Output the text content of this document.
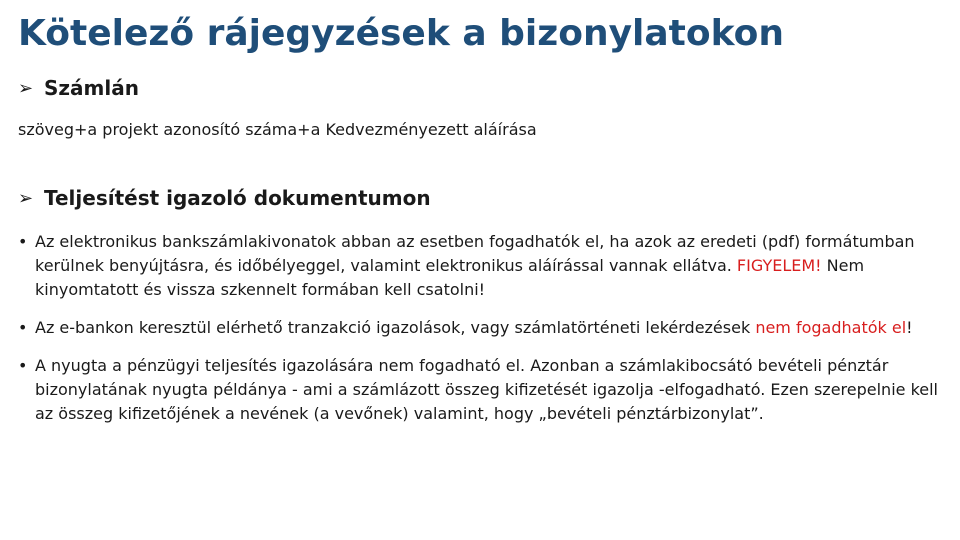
Kötelező rájegyzések a bizonylatokon
➢ Számlán
szöveg+a projekt azonosító száma+a Kedvezményezett aláírása
➢ Teljesítést igazoló dokumentumon
• Az elektronikus bankszámlakivonatok abban az esetben fogadhatók el, ha azok az eredeti (pdf) formátumban kerülnek benyújtásra, és időbélyeggel, valamint elektronikus aláírással vannak ellátva. FIGYELEM! Nem kinyomtatott és vissza szkennelt formában kell csatolni!
• Az e-bankon keresztül elérhető tranzakció igazolások, vagy számlatörténeti lekérdezések nem fogadhatók el!
• A nyugta a pénzügyi teljesítés igazolására nem fogadható el. Azonban a számlakibocsátó bevételi pénztár bizonylatának nyugta példánya - ami a számlázott összeg kifizetését igazolja -elfogadható. Ezen szerepelnie kell az összeg kifizetőjének a nevének (a vevőnek) valamint, hogy „bevételi pénztárbizonylat”.
